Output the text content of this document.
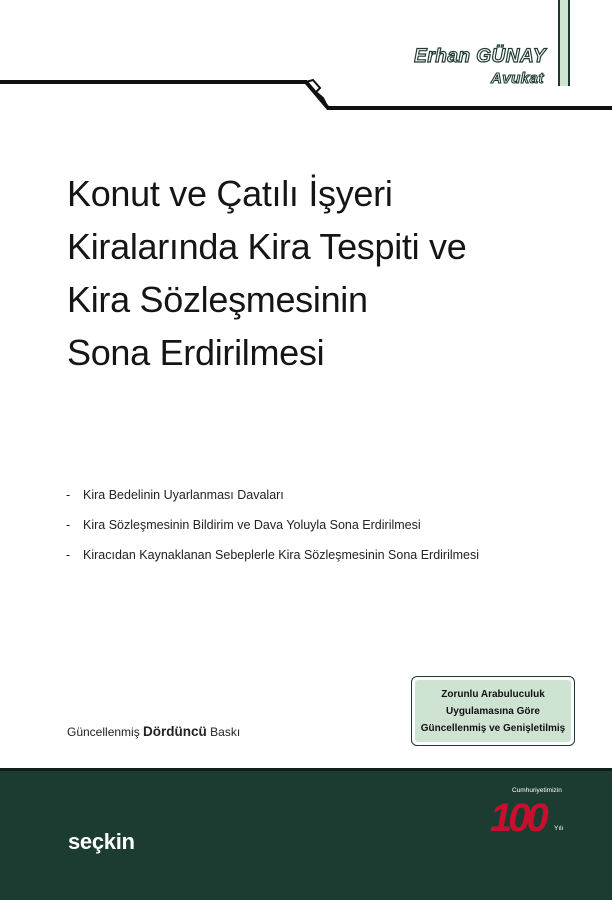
Erhan GÜNAY
Avukat
Konut ve Çatılı İşyeri
Kiralarında Kira Tespiti ve
Kira Sözleşmesinin
Sona Erdirilmesi
-	Kira Bedelinin Uyarlanması Davaları
-	Kira Sözleşmesinin Bildirim ve Dava Yoluyla Sona Erdirilmesi
-	Kiracıdan Kaynaklanan Sebeplerle Kira Sözleşmesinin Sona Erdirilmesi
Zorunlu Arabuluculuk
Uygulamasına Göre
Güncellenmiş ve Genişletilmiş
Güncellenmiş Dördüncü Baskı
seçkin
Cumhuriyetimizin
100	Yılı
